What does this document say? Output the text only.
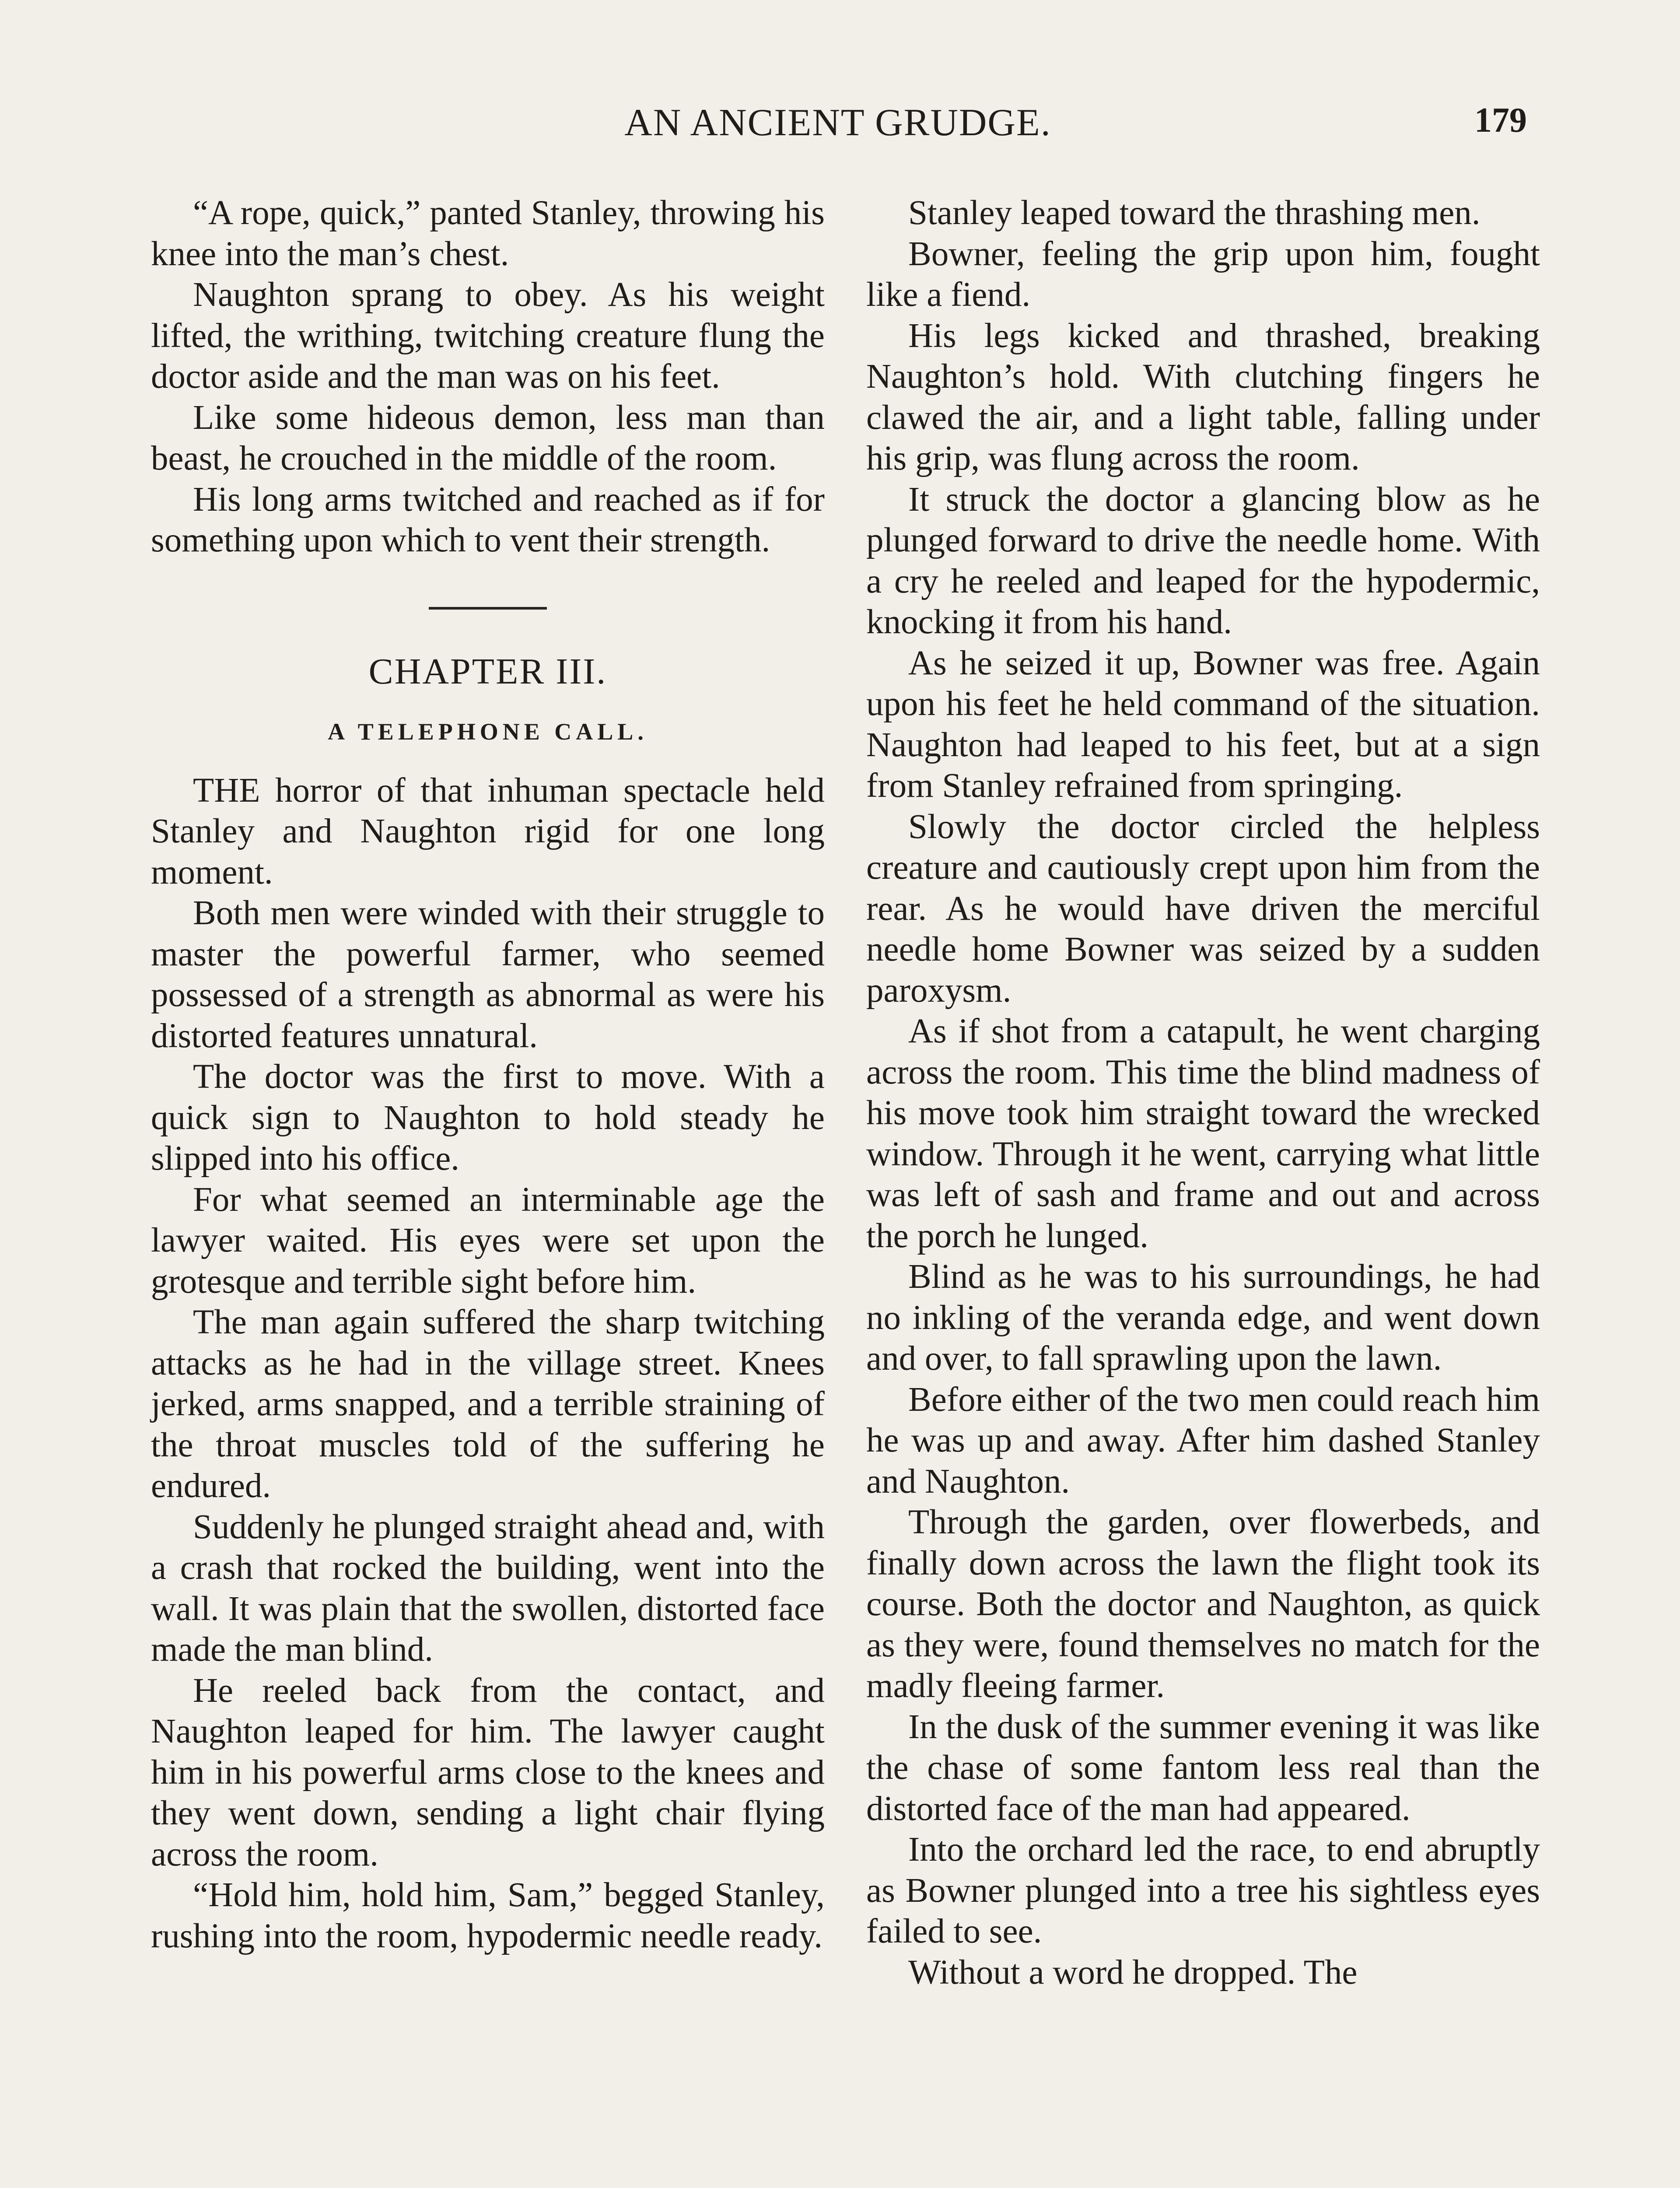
AN ANCIENT GRUDGE.	179

“A rope, quick,” panted Stanley, throwing his knee into the man’s chest.

Naughton sprang to obey. As his weight lifted, the writhing, twitching creature flung the doctor aside and the man was on his feet.

Like some hideous demon, less man than beast, he crouched in the middle of the room.

His long arms twitched and reached as if for something upon which to vent their strength.

CHAPTER III.
A TELEPHONE CALL.

THE horror of that inhuman spectacle held Stanley and Naughton rigid for one long moment.

Both men were winded with their struggle to master the powerful farmer, who seemed possessed of a strength as abnormal as were his distorted features unnatural.

The doctor was the first to move. With a quick sign to Naughton to hold steady he slipped into his office.

For what seemed an interminable age the lawyer waited. His eyes were set upon the grotesque and terrible sight before him.

The man again suffered the sharp twitching attacks as he had in the village street. Knees jerked, arms snapped, and a terrible straining of the throat muscles told of the suffering he endured.

Suddenly he plunged straight ahead and, with a crash that rocked the building, went into the wall. It was plain that the swollen, distorted face made the man blind.

He reeled back from the contact, and Naughton leaped for him. The lawyer caught him in his powerful arms close to the knees and they went down, sending a light chair flying across the room.

“Hold him, hold him, Sam,” begged Stanley, rushing into the room, hypodermic needle ready.

Stanley leaped toward the thrashing men.

Bowner, feeling the grip upon him, fought like a fiend.

His legs kicked and thrashed, breaking Naughton’s hold. With clutching fingers he clawed the air, and a light table, falling under his grip, was flung across the room.

It struck the doctor a glancing blow as he plunged forward to drive the needle home. With a cry he reeled and leaped for the hypodermic, knocking it from his hand.

As he seized it up, Bowner was free. Again upon his feet he held command of the situation. Naughton had leaped to his feet, but at a sign from Stanley refrained from springing.

Slowly the doctor circled the helpless creature and cautiously crept upon him from the rear. As he would have driven the merciful needle home Bowner was seized by a sudden paroxysm.

As if shot from a catapult, he went charging across the room. This time the blind madness of his move took him straight toward the wrecked window. Through it he went, carrying what little was left of sash and frame and out and across the porch he lunged.

Blind as he was to his surroundings, he had no inkling of the veranda edge, and went down and over, to fall sprawling upon the lawn.

Before either of the two men could reach him he was up and away. After him dashed Stanley and Naughton.

Through the garden, over flowerbeds, and finally down across the lawn the flight took its course. Both the doctor and Naughton, as quick as they were, found themselves no match for the madly fleeing farmer.

In the dusk of the summer evening it was like the chase of some fantom less real than the distorted face of the man had appeared.

Into the orchard led the race, to end abruptly as Bowner plunged into a tree his sightless eyes failed to see.

Without a word he dropped. The
